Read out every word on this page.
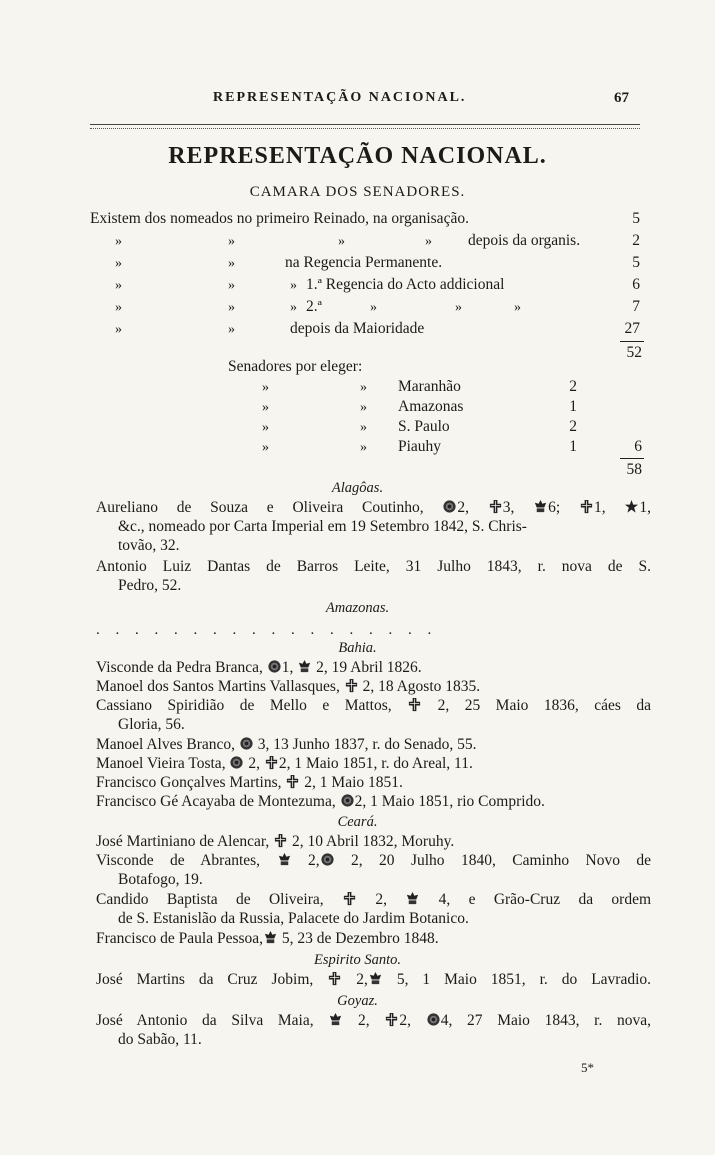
REPRESENTAÇÃO NACIONAL.	67
REPRESENTAÇÃO NACIONAL.
CAMARA DOS SENADORES.
Existem dos nomeados no primeiro Reinado, na organisação.	5
»	»	»	» depois da organis.	2
»	»	na Regencia Permanente.	5
»	»	» 1.ª Regencia do Acto addicional	6
»	»	» 2.ª	»	»	»	7
»	»	depois da Maioridade	27
52
Senadores por eleger:
»	» Maranhão	2
»	» Amazonas	1
»	» S. Paulo	2
»	» Piauhy	1	6
58
Alagôas.
Aureliano de Souza e Oliveira Coutinho, 2, 3, 6; 1, 1,
&c., nomeado por Carta Imperial em 19 Setembro 1842, S. Chris-
tovão, 32.
Antonio Luiz Dantas de Barros Leite, 31 Julho 1843, r. nova de S.
Pedro, 52.
Amazonas.
. . . . . . . . . . . . . . . . . .
Bahia.
Visconde da Pedra Branca, 1, 2, 19 Abril 1826.
Manoel dos Santos Martins Vallasques, 2, 18 Agosto 1835.
Cassiano Spiridião de Mello e Mattos,	2, 25 Maio 1836, cáes da
Gloria, 56.
Manoel Alves Branco, 3, 13 Junho 1837, r. do Senado, 55.
Manoel Vieira Tosta, 2, 2, 1 Maio 1851, r. do Areal, 11.
Francisco Gonçalves Martins, 2, 1 Maio 1851.
Francisco Gé Acayaba de Montezuma, 2, 1 Maio 1851, rio Comprido.
Ceará.
José Martiniano de Alencar, 2, 10 Abril 1832, Moruhy.
Visconde de Abrantes,	2, 2, 20 Julho 1840, Caminho Novo de
Botafogo, 19.
Candido Baptista de Oliveira,	2,	4, e Grão-Cruz da ordem
de S. Estanislão da Russia, Palacete do Jardim Botanico.
Francisco de Paula Pessoa, 5, 23 de Dezembro 1848.
Espirito Santo.
José Martins da Cruz Jobim,	2, 5, 1 Maio 1851, r. do Lavradio.
Goyaz.
José Antonio da Silva Maia,	2, 2, 4, 27 Maio 1843, r. nova,
do Sabão, 11.
5*
